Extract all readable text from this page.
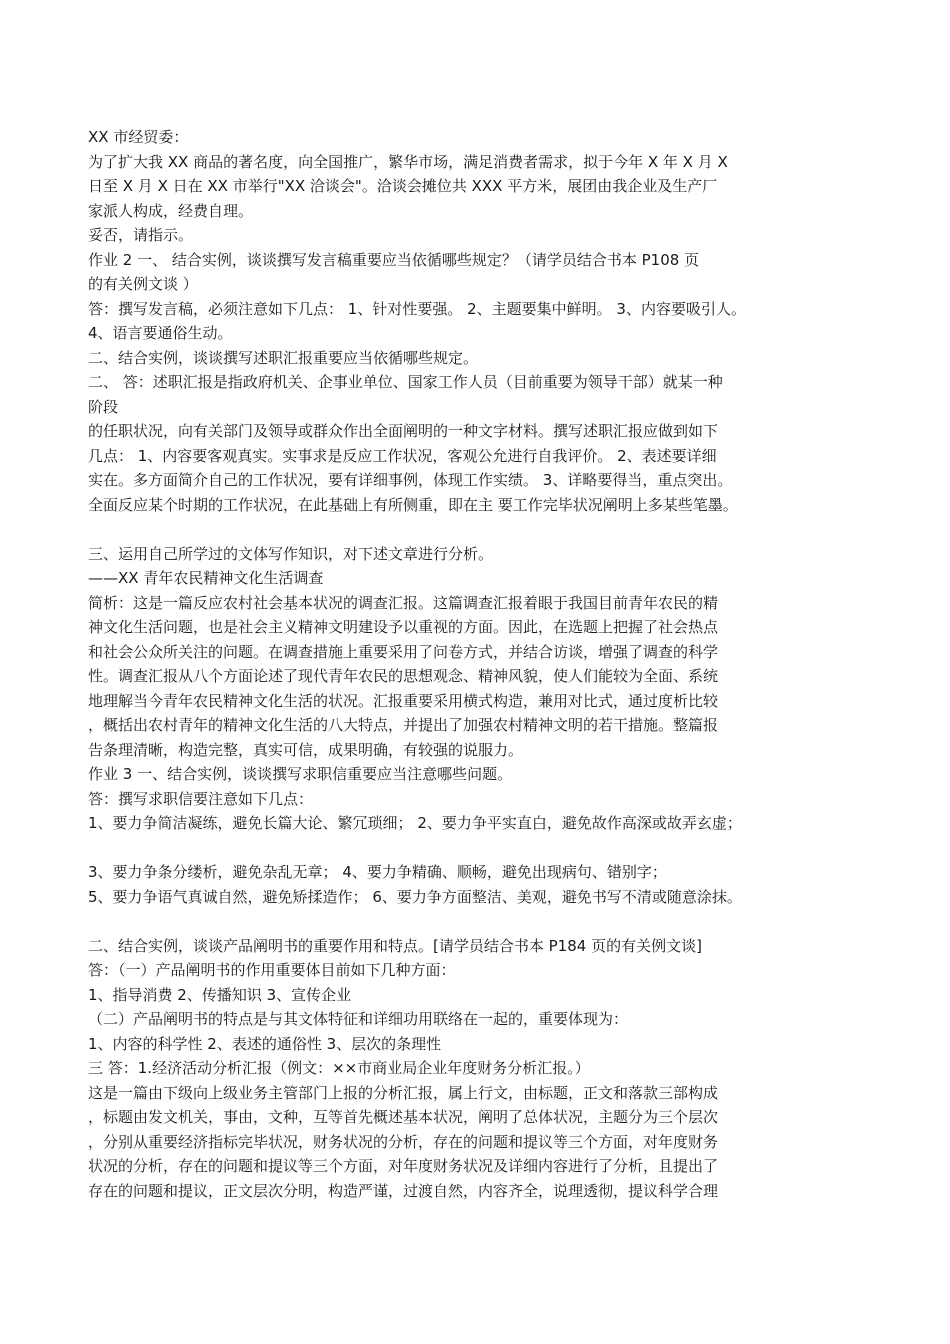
XX 市经贸委：
为了扩大我 XX 商品的著名度，向全国推广，繁华市场，满足消费者需求，拟于今年 X 年 X 月 X
日至 X 月 X 日在 XX 市举行"XX 洽谈会"。洽谈会摊位共 XXX 平方米，展团由我企业及生产厂
家派人构成，经费自理。
妥否，请指示。
作业 2 一、 结合实例，谈谈撰写发言稿重要应当依循哪些规定？（请学员结合书本 P108 页
的有关例文谈 ）
答：撰写发言稿，必须注意如下几点： 1、针对性要强。 2、主题要集中鲜明。 3、内容要吸引人。
4、语言要通俗生动。
二、结合实例，谈谈撰写述职汇报重要应当依循哪些规定。
二、 答：述职汇报是指政府机关、企事业单位、国家工作人员（目前重要为领导干部）就某一种
阶段
的任职状况，向有关部门及领导或群众作出全面阐明的一种文字材料。撰写述职汇报应做到如下
几点： 1、内容要客观真实。实事求是反应工作状况，客观公允进行自我评价。 2、表述要详细
实在。多方面简介自己的工作状况，要有详细事例，体现工作实绩。 3、详略要得当，重点突出。
全面反应某个时期的工作状况，在此基础上有所侧重，即在主 要工作完毕状况阐明上多某些笔墨。
三、运用自己所学过的文体写作知识，对下述文章进行分析。
——XX 青年农民精神文化生活调查
简析：这是一篇反应农村社会基本状况的调查汇报。这篇调查汇报着眼于我国目前青年农民的精
神文化生活问题，也是社会主义精神文明建设予以重视的方面。因此，在选题上把握了社会热点
和社会公众所关注的问题。在调查措施上重要采用了问卷方式，并结合访谈，增强了调查的科学
性。调查汇报从八个方面论述了现代青年农民的思想观念、精神风貌，使人们能较为全面、系统
地理解当今青年农民精神文化生活的状况。汇报重要采用横式构造，兼用对比式，通过度析比较
，概括出农村青年的精神文化生活的八大特点，并提出了加强农村精神文明的若干措施。整篇报
告条理清晰，构造完整，真实可信，成果明确，有较强的说服力。
作业 3 一、结合实例，谈谈撰写求职信重要应当注意哪些问题。
答：撰写求职信要注意如下几点：
1、要力争简洁凝练，避免长篇大论、繁冗琐细； 2、要力争平实直白，避免故作高深或故弄玄虚；
3、要力争条分缕析，避免杂乱无章； 4、要力争精确、顺畅，避免出现病句、错别字；
5、要力争语气真诚自然，避免矫揉造作； 6、要力争方面整洁、美观，避免书写不清或随意涂抹。
二、结合实例，谈谈产品阐明书的重要作用和特点。[请学员结合书本 P184 页的有关例文谈]
答：（一）产品阐明书的作用重要体目前如下几种方面：
1、指导消费 2、传播知识 3、宣传企业
（二）产品阐明书的特点是与其文体特征和详细功用联络在一起的，重要体现为：
1、内容的科学性 2、表述的通俗性 3、层次的条理性
三 答：1.经济活动分析汇报（例文：××市商业局企业年度财务分析汇报。）
这是一篇由下级向上级业务主管部门上报的分析汇报，属上行文，由标题，正文和落款三部构成
，标题由发文机关，事由，文种，互等首先概述基本状况，阐明了总体状况，主题分为三个层次
，分别从重要经济指标完毕状况，财务状况的分析，存在的问题和提议等三个方面，对年度财务
状况的分析，存在的问题和提议等三个方面，对年度财务状况及详细内容进行了分析，且提出了
存在的问题和提议，正文层次分明，构造严谨，过渡自然，内容齐全，说理透彻，提议科学合理
